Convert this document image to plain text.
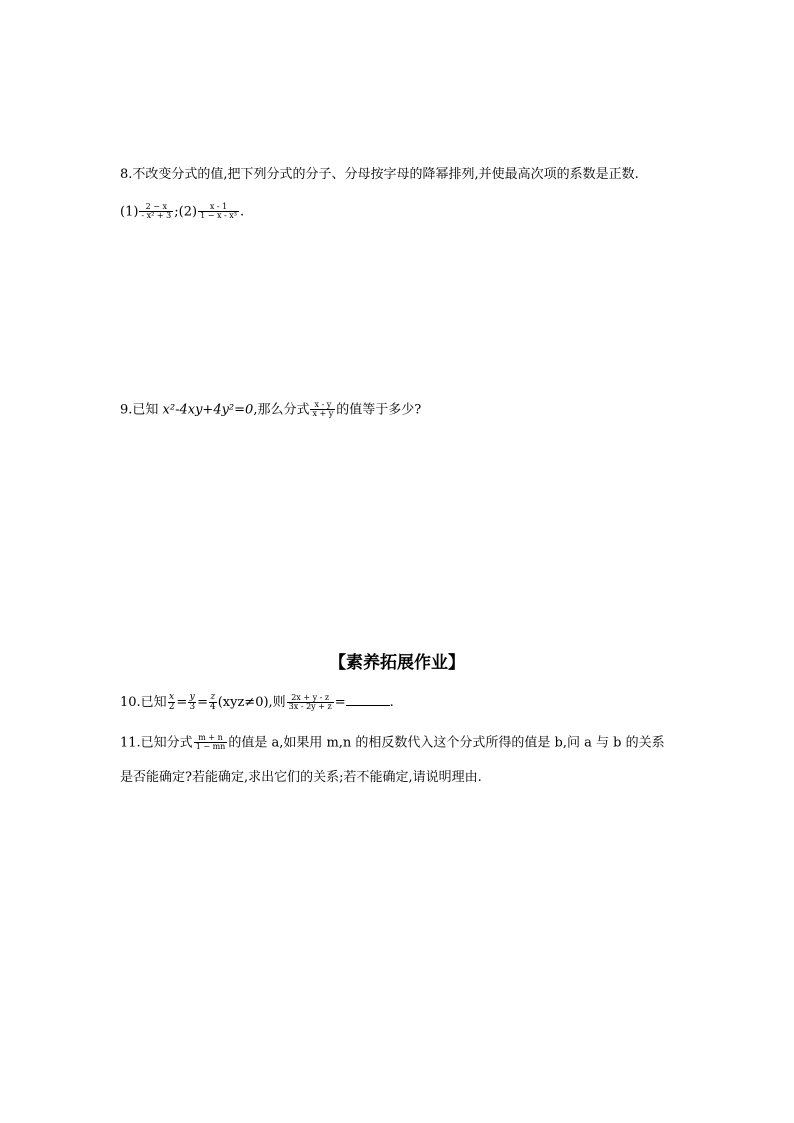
8.不改变分式的值,把下列分式的分子、分母按字母的降幂排列,并使最高次项的系数是正数.
$(1) \frac{2 - x}{\text{- x² + 3}}$ ;(2) $\frac{x - 1}{\text{1 − x - x³}}$ .
9.已知 x²-4xy+4y²=0,那么分式 $\frac{x - y}{x + y}$ 的值等于多少?
【素养拓展作业】
10.已知 $\frac{x}{2} = \frac{y}{3} = \frac{z}{4} (xyz\ne 0)$,则 $\frac{2x + y - z}{3x - 2y + z}$ =	.
11.已知分式 $\frac{m + n}{1 - mn}$ 的值是 a,如果用 m,n 的相反数代入这个分式所得的值是 b,问 a 与 b 的关系
是否能确定?若能确定,求出它们的关系;若不能确定,请说明理由.
